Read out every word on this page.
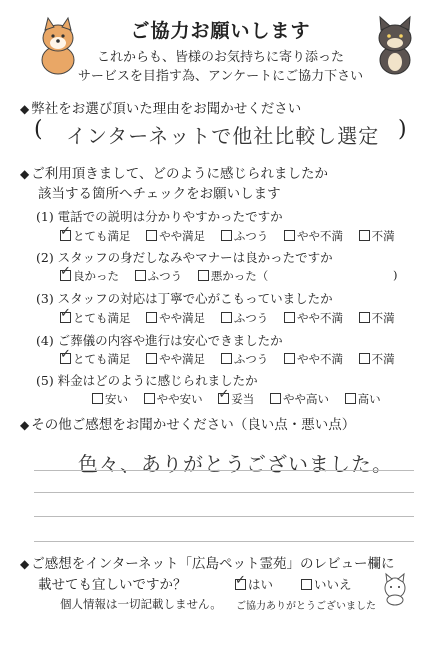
ご協力お願いします
これからも、皆様のお気持ちに寄り添った
サービスを目指す為、アンケートにご協力下さい
◆ 弊社をお選び頂いた理由をお聞かせください
( インターネットで他社比較し選定 )
◆ ご利用頂きまして、どのように感じられましたか
該当する箇所へチェックをお願いします
(1) 電話での説明は分かりやすかったですか
✓とても満足 やや満足 ふつう やや不満 不満
(2) スタッフの身だしなみやマナーは良かったですか
✓良かった ふつう 悪かった（	)
(3) スタッフの対応は丁寧で心がこもっていましたか
✓とても満足 やや満足 ふつう やや不満 不満
(4) ご葬儀の内容や進行は安心できましたか
✓とても満足 やや満足 ふつう やや不満 不満
(5) 料金はどのように感じられましたか
安い やや安い ✓ 妥当 やや高い 高い
◆ その他ご感想をお聞かせください（良い点・悪い点）
色々、ありがとうございました。
◆ ご感想をインターネット「広島ペット霊苑」のレビュー欄に
載せても宜しいですか？ ✓	はい	いいえ
個人情報は一切記載しません。 ご協力ありがとうございました
